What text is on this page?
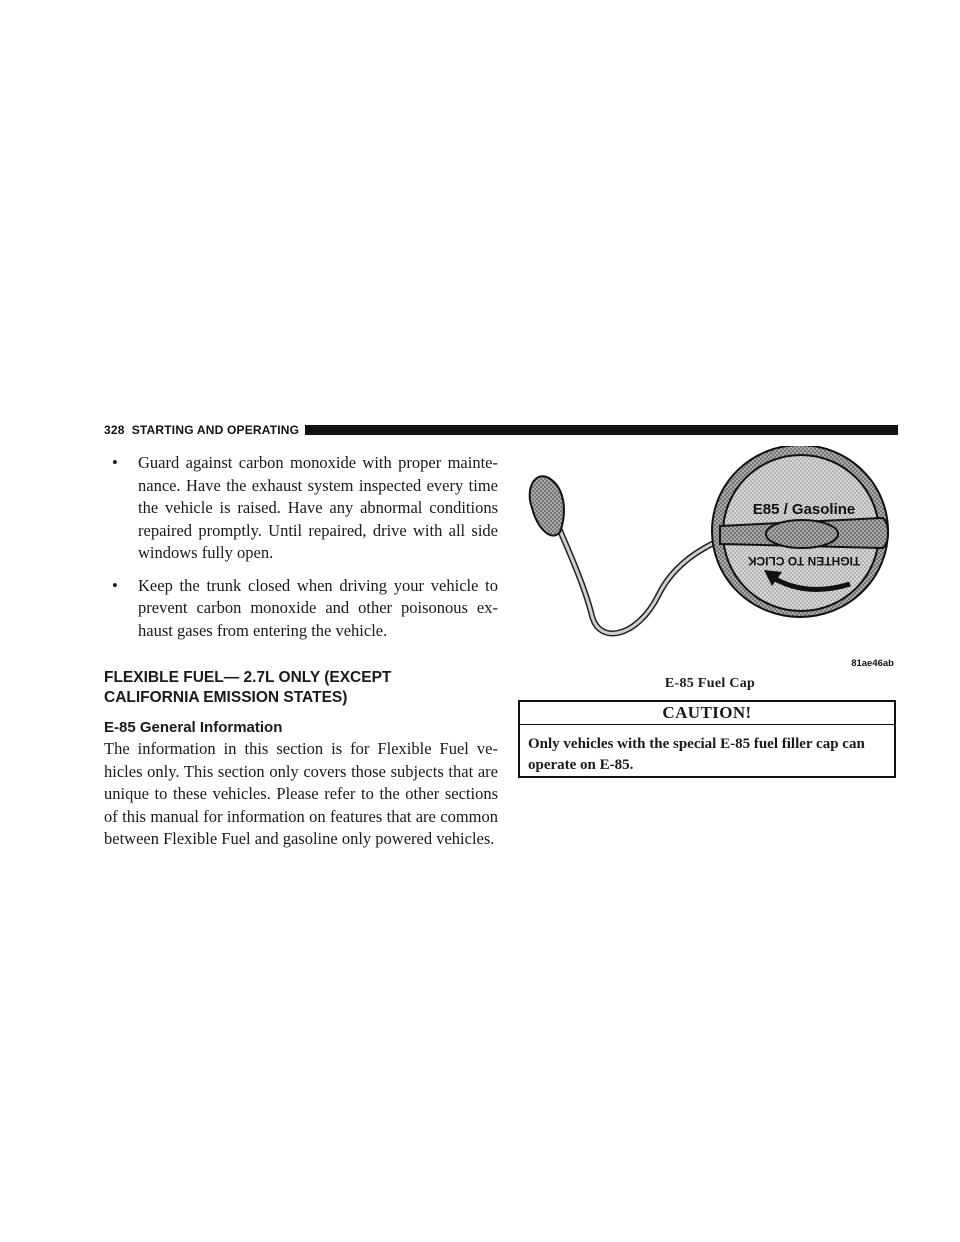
328 STARTING AND OPERATING
• Guard against carbon monoxide with proper mainte-nance. Have the exhaust system inspected every time the vehicle is raised. Have any abnormal conditions repaired promptly. Until repaired, drive with all side windows fully open.
• Keep the trunk closed when driving your vehicle to prevent carbon monoxide and other poisonous ex-haust gases from entering the vehicle.
FLEXIBLE FUEL— 2.7L ONLY (EXCEPT CALIFORNIA EMISSION STATES)
E-85 General Information
The information in this section is for Flexible Fuel ve-hicles only. This section only covers those subjects that are unique to these vehicles. Please refer to the other sections of this manual for information on features that are common between Flexible Fuel and gasoline only powered vehicles.
E85 / Gasoline
TIGHTEN TO CLICK
81ae46ab
E-85 Fuel Cap
CAUTION!
Only vehicles with the special E-85 fuel filler cap can operate on E-85.
